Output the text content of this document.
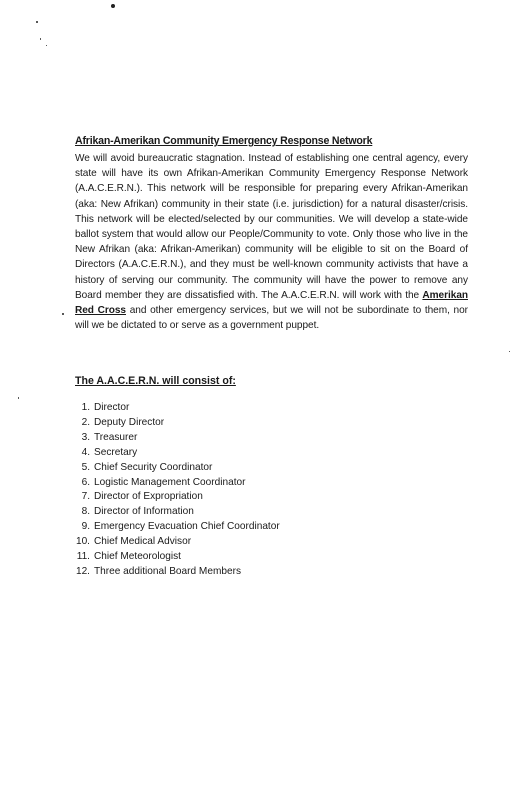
Afrikan-Amerikan Community Emergency Response Network
We will avoid bureaucratic stagnation. Instead of establishing one central agency, every state will have its own Afrikan-Amerikan Community Emergency Response Network (A.A.C.E.R.N.). This network will be responsible for preparing every Afrikan-Amerikan (aka: New Afrikan) community in their state (i.e. jurisdiction) for a natural disaster/crisis. This network will be elected/selected by our communities. We will develop a state-wide ballot system that would allow our People/Community to vote. Only those who live in the New Afrikan (aka: Afrikan-Amerikan) community will be eligible to sit on the Board of Directors (A.A.C.E.R.N.), and they must be well-known community activists that have a history of serving our community. The community will have the power to remove any Board member they are dissatisfied with. The A.A.C.E.R.N. will work with the Amerikan Red Cross and other emergency services, but we will not be subordinate to them, nor will we be dictated to or serve as a government puppet.
The A.A.C.E.R.N. will consist of:
1. Director
2. Deputy Director
3. Treasurer
4. Secretary
5. Chief Security Coordinator
6. Logistic Management Coordinator
7. Director of Expropriation
8. Director of Information
9. Emergency Evacuation Chief Coordinator
10. Chief Medical Advisor
11. Chief Meteorologist
12. Three additional Board Members
